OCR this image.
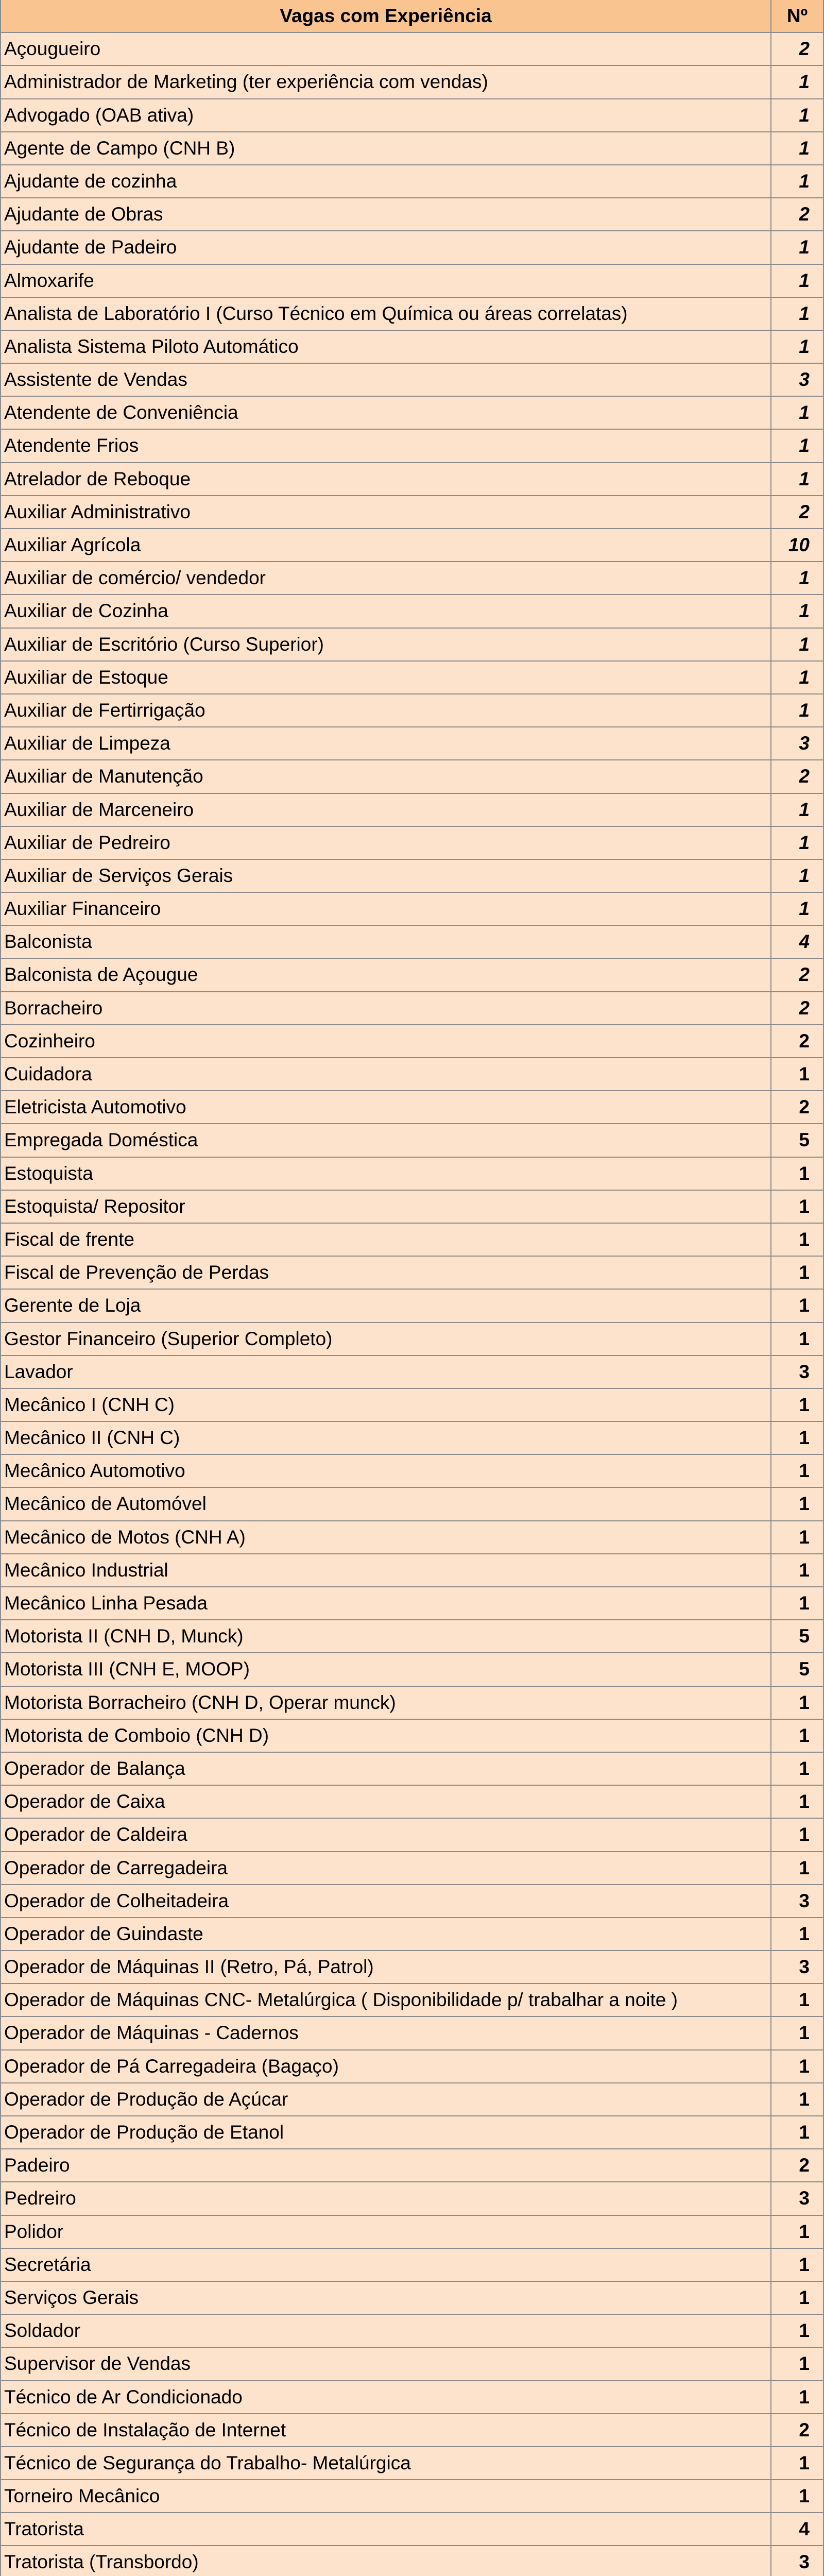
Vagas com Experiência	Nº
Açougueiro	2
Administrador de Marketing (ter experiência com vendas)	1
Advogado (OAB ativa)	1
Agente de Campo (CNH B)	1
Ajudante de cozinha	1
Ajudante de Obras	2
Ajudante de Padeiro	1
Almoxarife	1
Analista de Laboratório I (Curso Técnico em Química ou áreas correlatas)	1
Analista Sistema Piloto Automático	1
Assistente de Vendas	3
Atendente de Conveniência	1
Atendente Frios	1
Atrelador de Reboque	1
Auxiliar Administrativo	2
Auxiliar Agrícola	10
Auxiliar de comércio/ vendedor	1
Auxiliar de Cozinha	1
Auxiliar de Escritório (Curso Superior)	1
Auxiliar de Estoque	1
Auxiliar de Fertirrigação	1
Auxiliar de Limpeza	3
Auxiliar de Manutenção	2
Auxiliar de Marceneiro	1
Auxiliar de Pedreiro	1
Auxiliar de Serviços Gerais	1
Auxiliar Financeiro	1
Balconista	4
Balconista de Açougue	2
Borracheiro	2
Cozinheiro	2
Cuidadora	1
Eletricista Automotivo	2
Empregada Doméstica	5
Estoquista	1
Estoquista/ Repositor	1
Fiscal de frente	1
Fiscal de Prevenção de Perdas	1
Gerente de Loja	1
Gestor Financeiro (Superior Completo)	1
Lavador	3
Mecânico I (CNH C)	1
Mecânico II (CNH C)	1
Mecânico Automotivo	1
Mecânico de Automóvel	1
Mecânico de Motos (CNH A)	1
Mecânico Industrial	1
Mecânico Linha Pesada	1
Motorista II (CNH D, Munck)	5
Motorista III (CNH E, MOOP)	5
Motorista Borracheiro (CNH D, Operar munck)	1
Motorista de Comboio (CNH D)	1
Operador de Balança	1
Operador de Caixa	1
Operador de Caldeira	1
Operador de Carregadeira	1
Operador de Colheitadeira	3
Operador de Guindaste	1
Operador de Máquinas II (Retro, Pá, Patrol)	3
Operador de Máquinas CNC- Metalúrgica ( Disponibilidade p/ trabalhar a noite )	1
Operador de Máquinas - Cadernos	1
Operador de Pá Carregadeira (Bagaço)	1
Operador de Produção de Açúcar	1
Operador de Produção de Etanol	1
Padeiro	2
Pedreiro	3
Polidor	1
Secretária	1
Serviços Gerais	1
Soldador	1
Supervisor de Vendas	1
Técnico de Ar Condicionado	1
Técnico de Instalação de Internet	2
Técnico de Segurança do Trabalho- Metalúrgica	1
Torneiro Mecânico	1
Tratorista	4
Tratorista (Transbordo)	3
